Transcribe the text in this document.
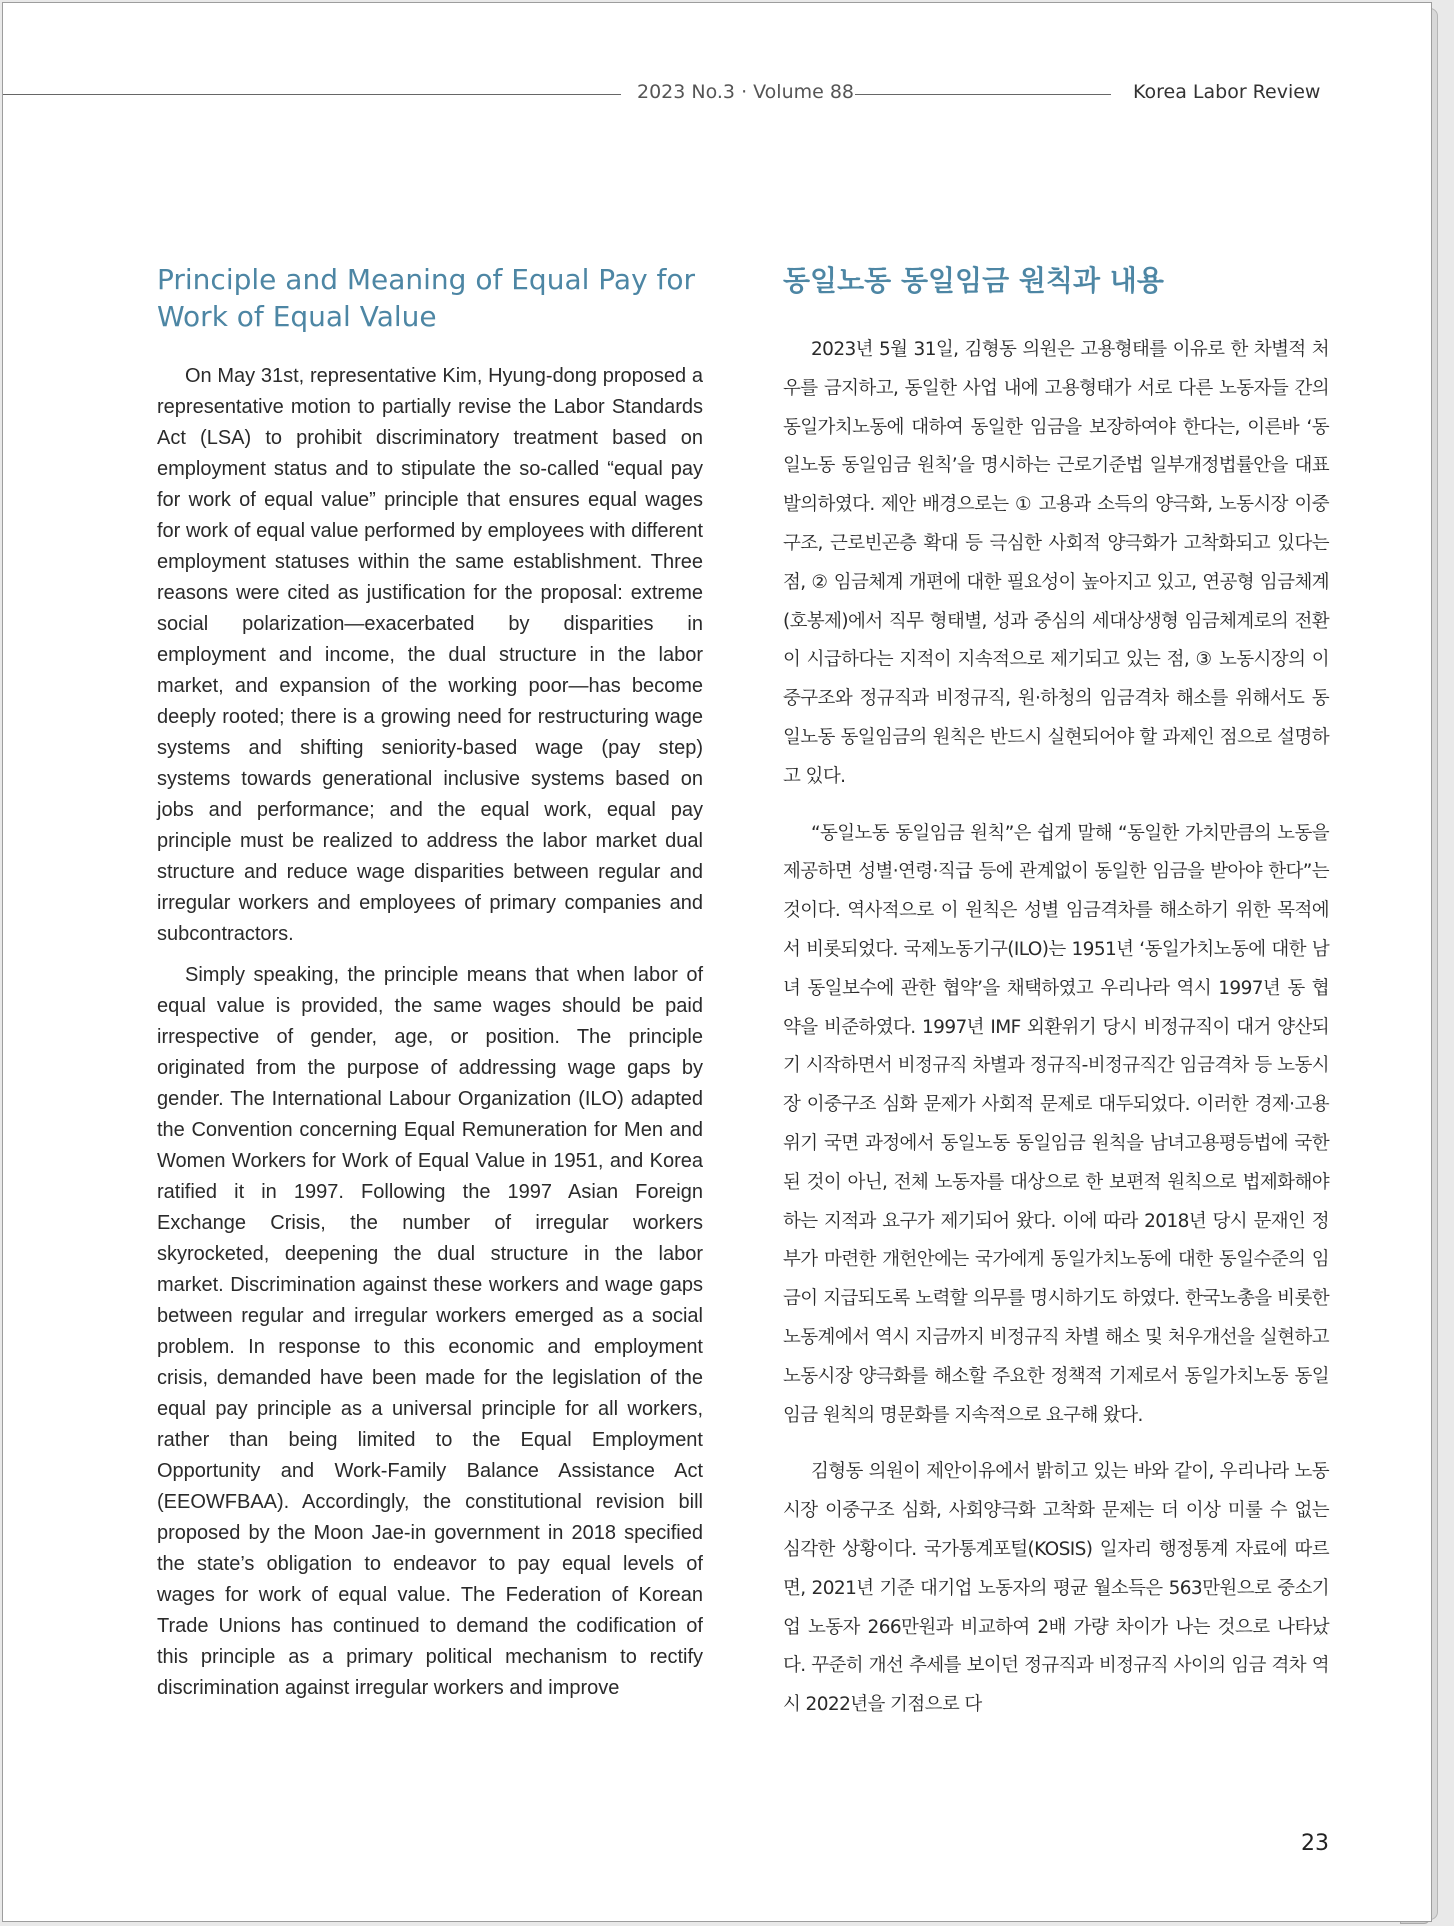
2023 No.3 · Volume 88	Korea Labor Review
Principle and Meaning of Equal Pay for Work of Equal Value

On May 31st, representative Kim, Hyung-dong proposed a representative motion to partially revise the Labor Standards Act (LSA) to prohibit discriminatory treatment based on employment status and to stipulate the so-called “equal pay for work of equal value” principle that ensures equal wages for work of equal value performed by employees with different employment statuses within the same establishment. Three reasons were cited as justification for the proposal: extreme social polarization—exacerbated by disparities in employment and income, the dual structure in the labor market, and expansion of the working poor—has become deeply rooted; there is a growing need for restructuring wage systems and shifting seniority-based wage (pay step) systems towards generational inclusive systems based on jobs and performance; and the equal work, equal pay principle must be realized to address the labor market dual structure and reduce wage disparities between regular and irregular workers and employees of primary companies and subcontractors.

Simply speaking, the principle means that when labor of equal value is provided, the same wages should be paid irrespective of gender, age, or position. The principle originated from the purpose of addressing wage gaps by gender. The International Labour Organization (ILO) adapted the Convention concerning Equal Remuneration for Men and Women Workers for Work of Equal Value in 1951, and Korea ratified it in 1997. Following the 1997 Asian Foreign Exchange Crisis, the number of irregular workers skyrocketed, deepening the dual structure in the labor market. Discrimination against these workers and wage gaps between regular and irregular workers emerged as a social problem. In response to this economic and employment crisis, demanded have been made for the legislation of the equal pay principle as a universal principle for all workers, rather than being limited to the Equal Employment Opportunity and Work-Family Balance Assistance Act (EEOWFBAA). Accordingly, the constitutional revision bill proposed by the Moon Jae-in government in 2018 specified the state’s obligation to endeavor to pay equal levels of wages for work of equal value. The Federation of Korean Trade Unions has continued to demand the codification of this principle as a primary political mechanism to rectify discrimination against irregular workers and improve

동일노동 동일임금 원칙과 내용

2023년 5월 31일, 김형동 의원은 고용형태를 이유로 한 차별적 처우를 금지하고, 동일한 사업 내에 고용형태가 서로 다른 노동자들 간의 동일가치노동에 대하여 동일한 임금을 보장하여야 한다는, 이른바 ‘동일노동 동일임금 원칙’을 명시하는 근로기준법 일부개정법률안을 대표발의하였다. 제안 배경으로는 ① 고용과 소득의 양극화, 노동시장 이중구조, 근로빈곤층 확대 등 극심한 사회적 양극화가 고착화되고 있다는 점, ② 임금체계 개편에 대한 필요성이 높아지고 있고, 연공형 임금체계(호봉제)에서 직무 형태별, 성과 중심의 세대상생형 임금체계로의 전환이 시급하다는 지적이 지속적으로 제기되고 있는 점, ③ 노동시장의 이중구조와 정규직과 비정규직, 원·하청의 임금격차 해소를 위해서도 동일노동 동일임금의 원칙은 반드시 실현되어야 할 과제인 점으로 설명하고 있다.

“동일노동 동일임금 원칙”은 쉽게 말해 “동일한 가치만큼의 노동을 제공하면 성별·연령·직급 등에 관계없이 동일한 임금을 받아야 한다”는 것이다. 역사적으로 이 원칙은 성별 임금격차를 해소하기 위한 목적에서 비롯되었다. 국제노동기구(ILO)는 1951년 ‘동일가치노동에 대한 남녀 동일보수에 관한 협약’을 채택하였고 우리나라 역시 1997년 동 협약을 비준하였다. 1997년 IMF 외환위기 당시 비정규직이 대거 양산되기 시작하면서 비정규직 차별과 정규직-비정규직간 임금격차 등 노동시장 이중구조 심화 문제가 사회적 문제로 대두되었다. 이러한 경제·고용위기 국면 과정에서 동일노동 동일임금 원칙을 남녀고용평등법에 국한된 것이 아닌, 전체 노동자를 대상으로 한 보편적 원칙으로 법제화해야 하는 지적과 요구가 제기되어 왔다. 이에 따라 2018년 당시 문재인 정부가 마련한 개헌안에는 국가에게 동일가치노동에 대한 동일수준의 임금이 지급되도록 노력할 의무를 명시하기도 하였다. 한국노총을 비롯한 노동계에서 역시 지금까지 비정규직 차별 해소 및 처우개선을 실현하고 노동시장 양극화를 해소할 주요한 정책적 기제로서 동일가치노동 동일임금 원칙의 명문화를 지속적으로 요구해 왔다.

김형동 의원이 제안이유에서 밝히고 있는 바와 같이, 우리나라 노동시장 이중구조 심화, 사회양극화 고착화 문제는 더 이상 미룰 수 없는 심각한 상황이다. 국가통계포털(KOSIS) 일자리 행정통계 자료에 따르면, 2021년 기준 대기업 노동자의 평균 월소득은 563만원으로 중소기업 노동자 266만원과 비교하여 2배 가량 차이가 나는 것으로 나타났다. 꾸준히 개선 추세를 보이던 정규직과 비정규직 사이의 임금 격차 역시 2022년을 기점으로 다

23
